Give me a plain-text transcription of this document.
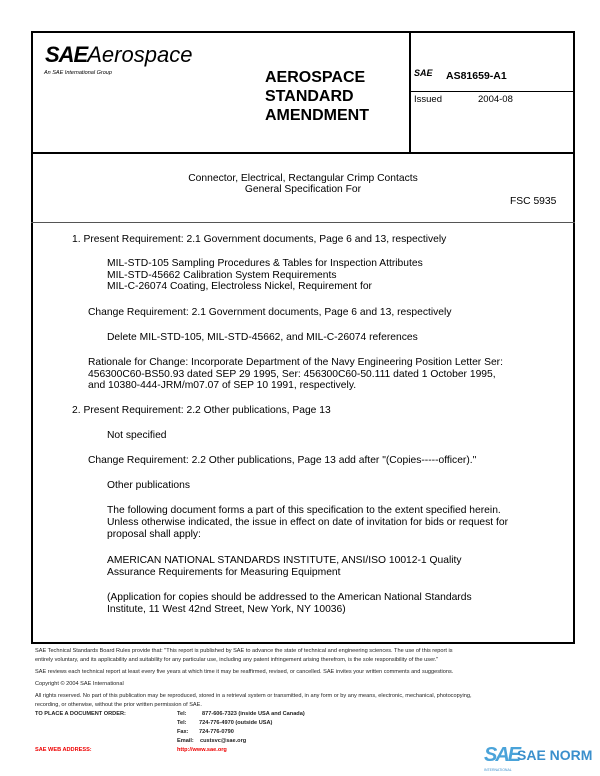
SAEAerospace
An SAE International Group	AEROSPACE
STANDARD
AMENDMENT
SAE AS81659-A1
Issued	2004-08
Connector, Electrical, Rectangular Crimp Contacts
General Specification For
FSC 5935
1. Present Requirement: 2.1 Government documents, Page 6 and 13, respectively
MIL-STD-105 Sampling Procedures & Tables for Inspection Attributes
MIL-STD-45662 Calibration System Requirements
MIL-C-26074 Coating, Electroless Nickel, Requirement for
Change Requirement: 2.1 Government documents, Page 6 and 13, respectively
Delete MIL-STD-105, MIL-STD-45662, and MIL-C-26074 references
Rationale for Change: Incorporate Department of the Navy Engineering Position Letter Ser:
456300C60-BS50.93 dated SEP 29 1995, Ser: 456300C60-50.111 dated 1 October 1995,
and 10380-444-JRM/m07.07 of SEP 10 1991, respectively.
2. Present Requirement: 2.2 Other publications, Page 13
Not specified
Change Requirement: 2.2 Other publications, Page 13 add after "(Copies-----officer)."
Other publications
The following document forms a part of this specification to the extent specified herein.
Unless otherwise indicated, the issue in effect on date of invitation for bids or request for
proposal shall apply:
AMERICAN NATIONAL STANDARDS INSTITUTE, ANSI/ISO 10012-1 Quality
Assurance Requirements for Measuring Equipment
(Application for copies should be addressed to the American National Standards
Institute, 11 West 42nd Street, New York, NY 10036)
SAE Technical Standards Board Rules provide that: "This report is published by SAE to advance the state of technical and engineering sciences. The use of this report is
entirely voluntary, and its applicability and suitability for any particular use, including any patent infringement arising therefrom, is the sole responsibility of the user."
SAE reviews each technical report at least every five years at which time it may be reaffirmed, revised, or cancelled. SAE invites your written comments and suggestions.
Copyright © 2004 SAE International
All rights reserved. No part of this publication may be reproduced, stored in a retrieval system or transmitted, in any form or by any means, electronic, mechanical, photocopying,
recording, or otherwise, without the prior written permission of SAE.
TO PLACE A DOCUMENT ORDER:	Tel:	877-606-7323 (inside USA and Canada)
Tel: 724-776-4970 (outside USA)
Fax: 724-776-0790
Email: custsvc@sae.org
SAE WEB ADDRESS:	http://www.sae.org	SAE
SAE NORM
INTERNATIONAL
